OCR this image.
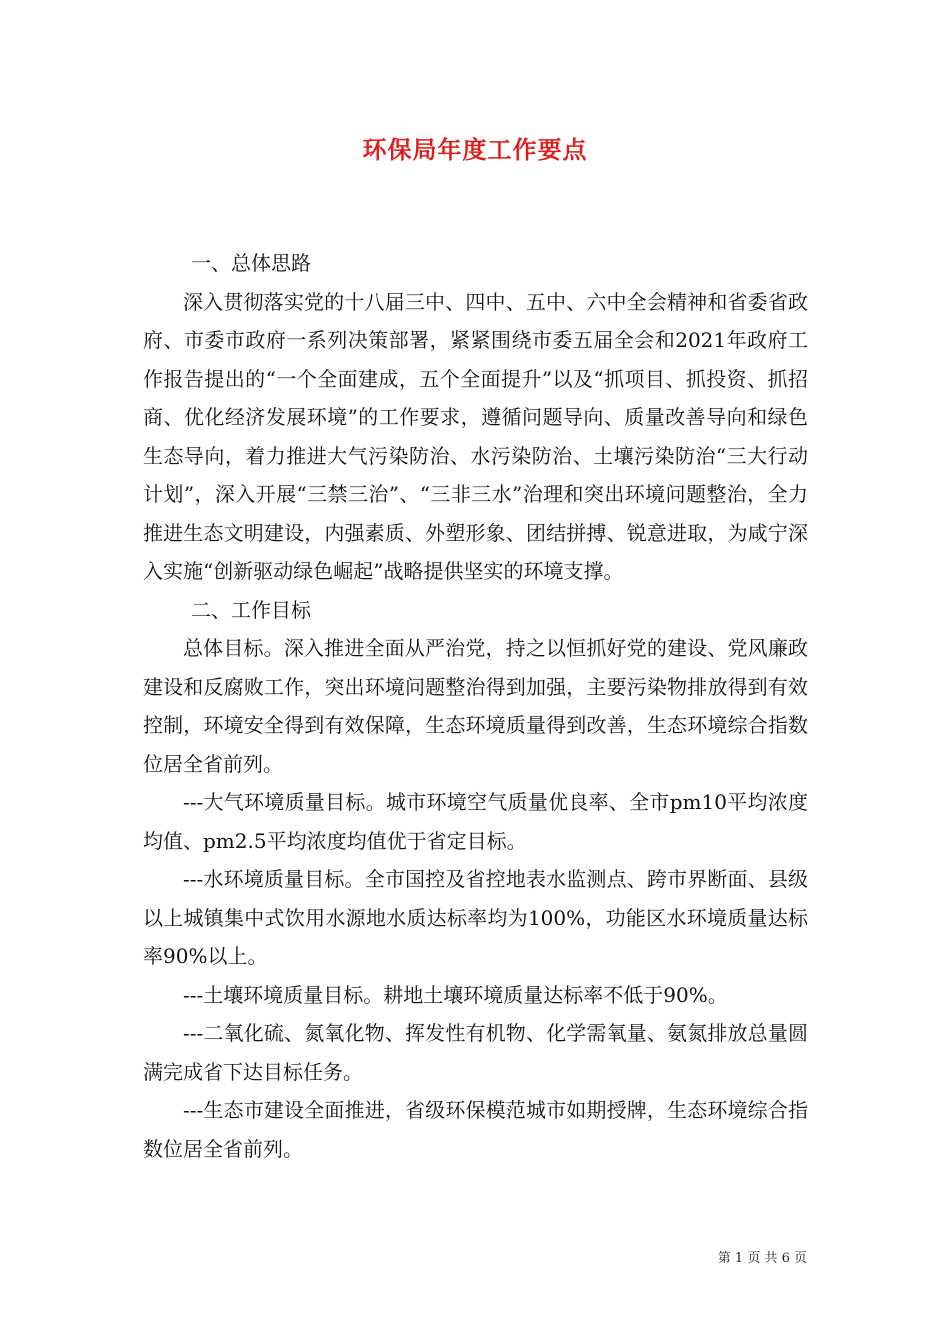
环保局年度工作要点

一、总体思路

深入贯彻落实党的十八届三中、四中、五中、六中全会精神和省委省政府、市委市政府一系列决策部署，紧紧围绕市委五届全会和2021年政府工作报告提出的“一个全面建成，五个全面提升”以及“抓项目、抓投资、抓招商、优化经济发展环境”的工作要求，遵循问题导向、质量改善导向和绿色生态导向，着力推进大气污染防治、水污染防治、土壤污染防治“三大行动计划”，深入开展“三禁三治”、“三非三水”治理和突出环境问题整治，全力推进生态文明建设，内强素质、外塑形象、团结拼搏、锐意进取，为咸宁深入实施“创新驱动绿色崛起”战略提供坚实的环境支撑。

二、工作目标

总体目标。深入推进全面从严治党，持之以恒抓好党的建设、党风廉政建设和反腐败工作，突出环境问题整治得到加强，主要污染物排放得到有效控制，环境安全得到有效保障，生态环境质量得到改善，生态环境综合指数位居全省前列。

---大气环境质量目标。城市环境空气质量优良率、全市pm10平均浓度均值、pm2.5平均浓度均值优于省定目标。

---水环境质量目标。全市国控及省控地表水监测点、跨市界断面、县级以上城镇集中式饮用水源地水质达标率均为100%，功能区水环境质量达标率90%以上。

---土壤环境质量目标。耕地土壤环境质量达标率不低于90%。

---二氧化硫、氮氧化物、挥发性有机物、化学需氧量、氨氮排放总量圆满完成省下达目标任务。

---生态市建设全面推进，省级环保模范城市如期授牌，生态环境综合指数位居全省前列。

第 1 页 共 6 页
